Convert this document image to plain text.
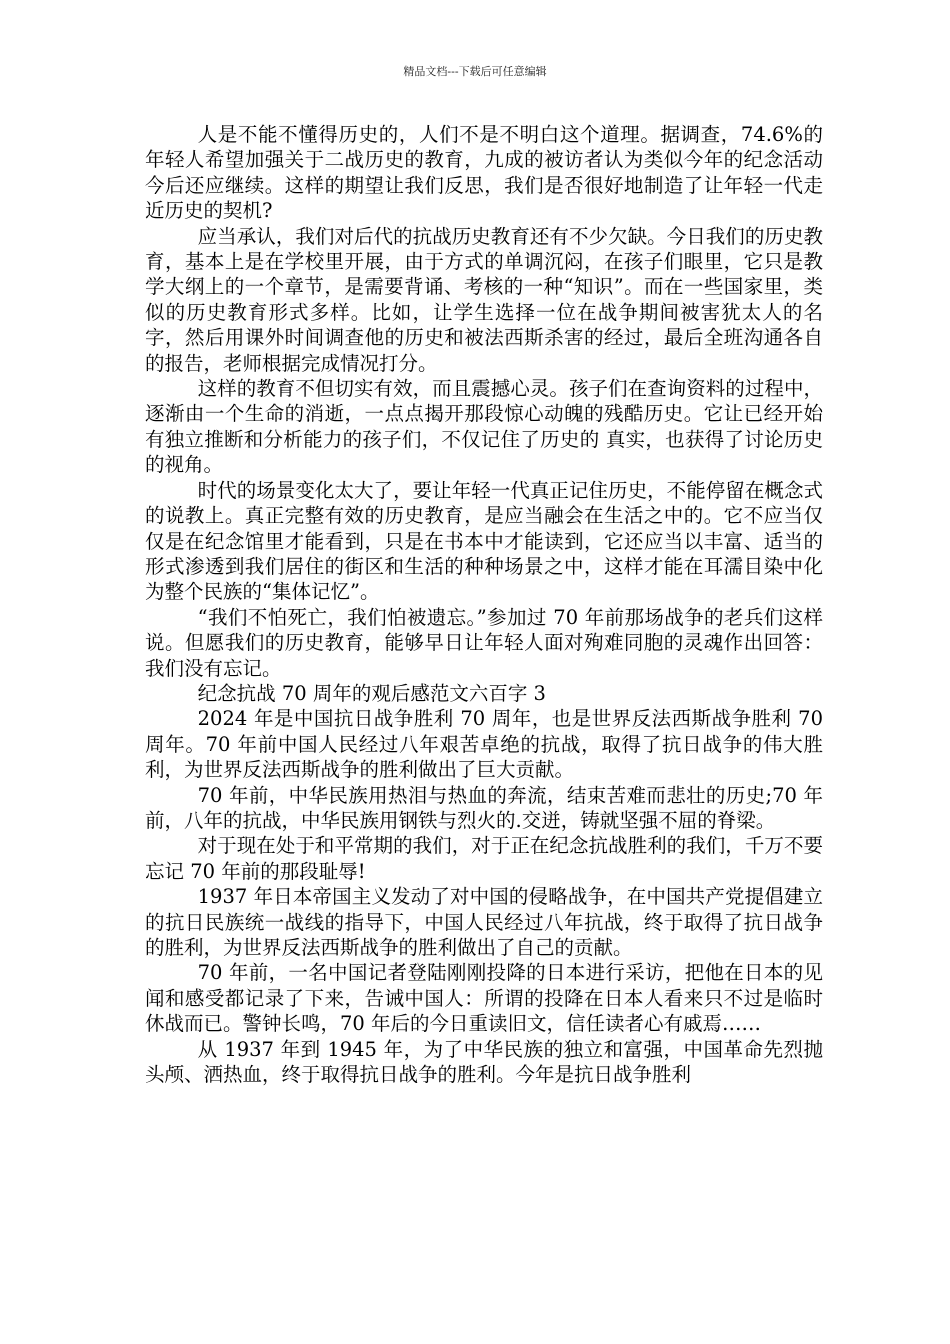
精品文档---下载后可任意编辑

人是不能不懂得历史的，人们不是不明白这个道理。据调查，74.6%的年轻人希望加强关于二战历史的教育，九成的被访者认为类似今年的纪念活动今后还应继续。这样的期望让我们反思，我们是否很好地制造了让年轻一代走近历史的契机?

应当承认，我们对后代的抗战历史教育还有不少欠缺。今日我们的历史教育，基本上是在学校里开展，由于方式的单调沉闷，在孩子们眼里，它只是教学大纲上的一个章节，是需要背诵、考核的一种“知识”。而在一些国家里，类似的历史教育形式多样。比如，让学生选择一位在战争期间被害犹太人的名字，然后用课外时间调查他的历史和被法西斯杀害的经过，最后全班沟通各自的报告，老师根据完成情况打分。

这样的教育不但切实有效，而且震撼心灵。孩子们在查询资料的过程中，逐渐由一个生命的消逝，一点点揭开那段惊心动魄的残酷历史。它让已经开始有独立推断和分析能力的孩子们，不仅记住了历史的 真实，也获得了讨论历史的视角。

时代的场景变化太大了，要让年轻一代真正记住历史，不能停留在概念式的说教上。真正完整有效的历史教育，是应当融会在生活之中的。它不应当仅仅是在纪念馆里才能看到，只是在书本中才能读到，它还应当以丰富、适当的形式渗透到我们居住的街区和生活的种种场景之中，这样才能在耳濡目染中化为整个民族的“集体记忆”。

“我们不怕死亡，我们怕被遗忘。”参加过 70 年前那场战争的老兵们这样说。但愿我们的历史教育，能够早日让年轻人面对殉难同胞的灵魂作出回答：我们没有忘记。

纪念抗战 70 周年的观后感范文六百字 3

2024 年是中国抗日战争胜利 70 周年，也是世界反法西斯战争胜利 70 周年。70 年前中国人民经过八年艰苦卓绝的抗战，取得了抗日战争的伟大胜利，为世界反法西斯战争的胜利做出了巨大贡献。

70 年前，中华民族用热泪与热血的奔流，结束苦难而悲壮的历史;70 年前，八年的抗战，中华民族用钢铁与烈火的.交迸，铸就坚强不屈的脊梁。

对于现在处于和平常期的我们，对于正在纪念抗战胜利的我们，千万不要忘记 70 年前的那段耻辱!

1937 年日本帝国主义发动了对中国的侵略战争，在中国共产党提倡建立的抗日民族统一战线的指导下，中国人民经过八年抗战，终于取得了抗日战争的胜利，为世界反法西斯战争的胜利做出了自己的贡献。

70 年前，一名中国记者登陆刚刚投降的日本进行采访，把他在日本的见闻和感受都记录了下来，告诫中国人：所谓的投降在日本人看来只不过是临时休战而已。警钟长鸣，70 年后的今日重读旧文，信任读者心有戚焉……

从 1937 年到 1945 年，为了中华民族的独立和富强，中国革命先烈抛头颅、洒热血，终于取得抗日战争的胜利。今年是抗日战争胜利
